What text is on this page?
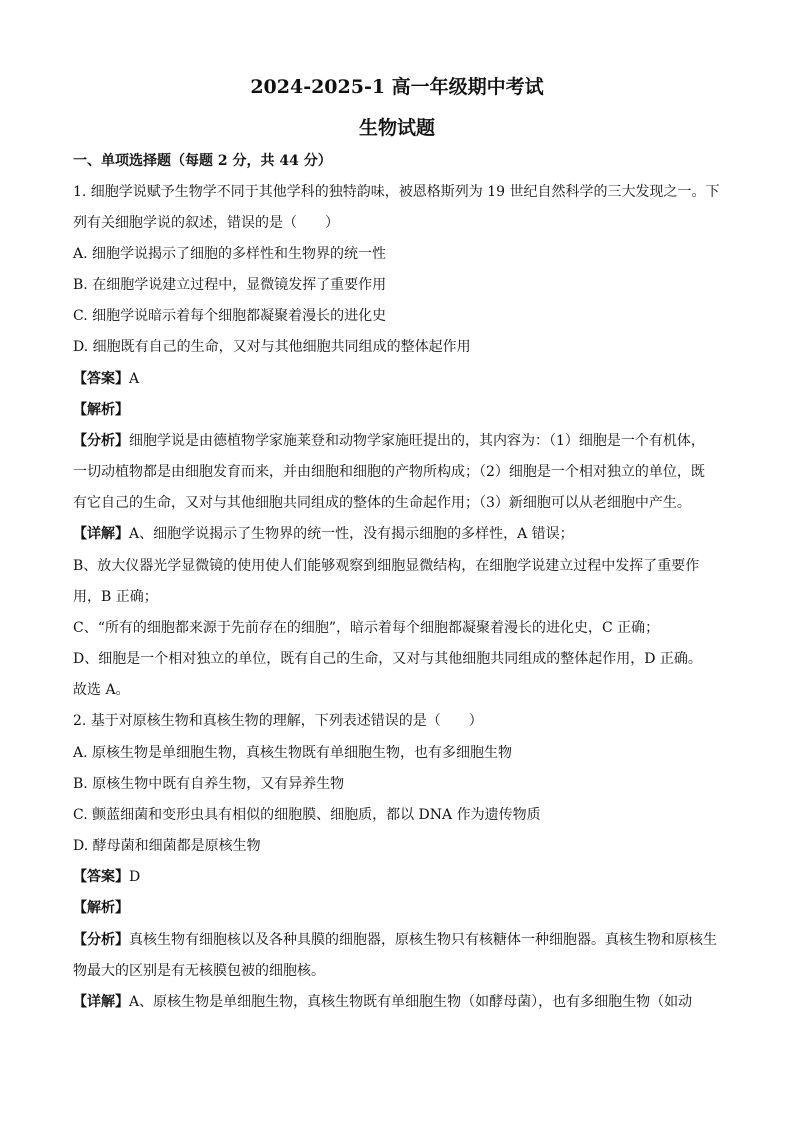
2024-2025-1 高一年级期中考试
生物试题
一、单项选择题（每题 2 分，共 44 分）
1. 细胞学说赋予生物学不同于其他学科的独特韵味，被恩格斯列为 19 世纪自然科学的三大发现之一。下
列有关细胞学说的叙述，错误的是（　　）
A. 细胞学说揭示了细胞的多样性和生物界的统一性
B. 在细胞学说建立过程中，显微镜发挥了重要作用
C. 细胞学说暗示着每个细胞都凝聚着漫长的进化史
D. 细胞既有自己的生命，又对与其他细胞共同组成的整体起作用
【答案】A
【解析】
【分析】细胞学说是由德植物学家施莱登和动物学家施旺提出的，其内容为：（1）细胞是一个有机体，
一切动植物都是由细胞发育而来，并由细胞和细胞的产物所构成；（2）细胞是一个相对独立的单位，既
有它自己的生命，又对与其他细胞共同组成的整体的生命起作用；（3）新细胞可以从老细胞中产生。
【详解】A、细胞学说揭示了生物界的统一性，没有揭示细胞的多样性，A 错误；
B、放大仪器光学显微镜的使用使人们能够观察到细胞显微结构，在细胞学说建立过程中发挥了重要作
用，B 正确；
C、“所有的细胞都来源于先前存在的细胞”，暗示着每个细胞都凝聚着漫长的进化史，C 正确；
D、细胞是一个相对独立的单位，既有自己的生命，又对与其他细胞共同组成的整体起作用，D 正确。
故选 A。
2. 基于对原核生物和真核生物的理解，下列表述错误的是（　　）
A. 原核生物是单细胞生物，真核生物既有单细胞生物，也有多细胞生物
B. 原核生物中既有自养生物，又有异养生物
C. 颤蓝细菌和变形虫具有相似的细胞膜、细胞质，都以 DNA 作为遗传物质
D. 酵母菌和细菌都是原核生物
【答案】D
【解析】
【分析】真核生物有细胞核以及各种具膜的细胞器，原核生物只有核糖体一种细胞器。真核生物和原核生
物最大的区别是有无核膜包被的细胞核。
【详解】A、原核生物是单细胞生物，真核生物既有单细胞生物（如酵母菌），也有多细胞生物（如动
